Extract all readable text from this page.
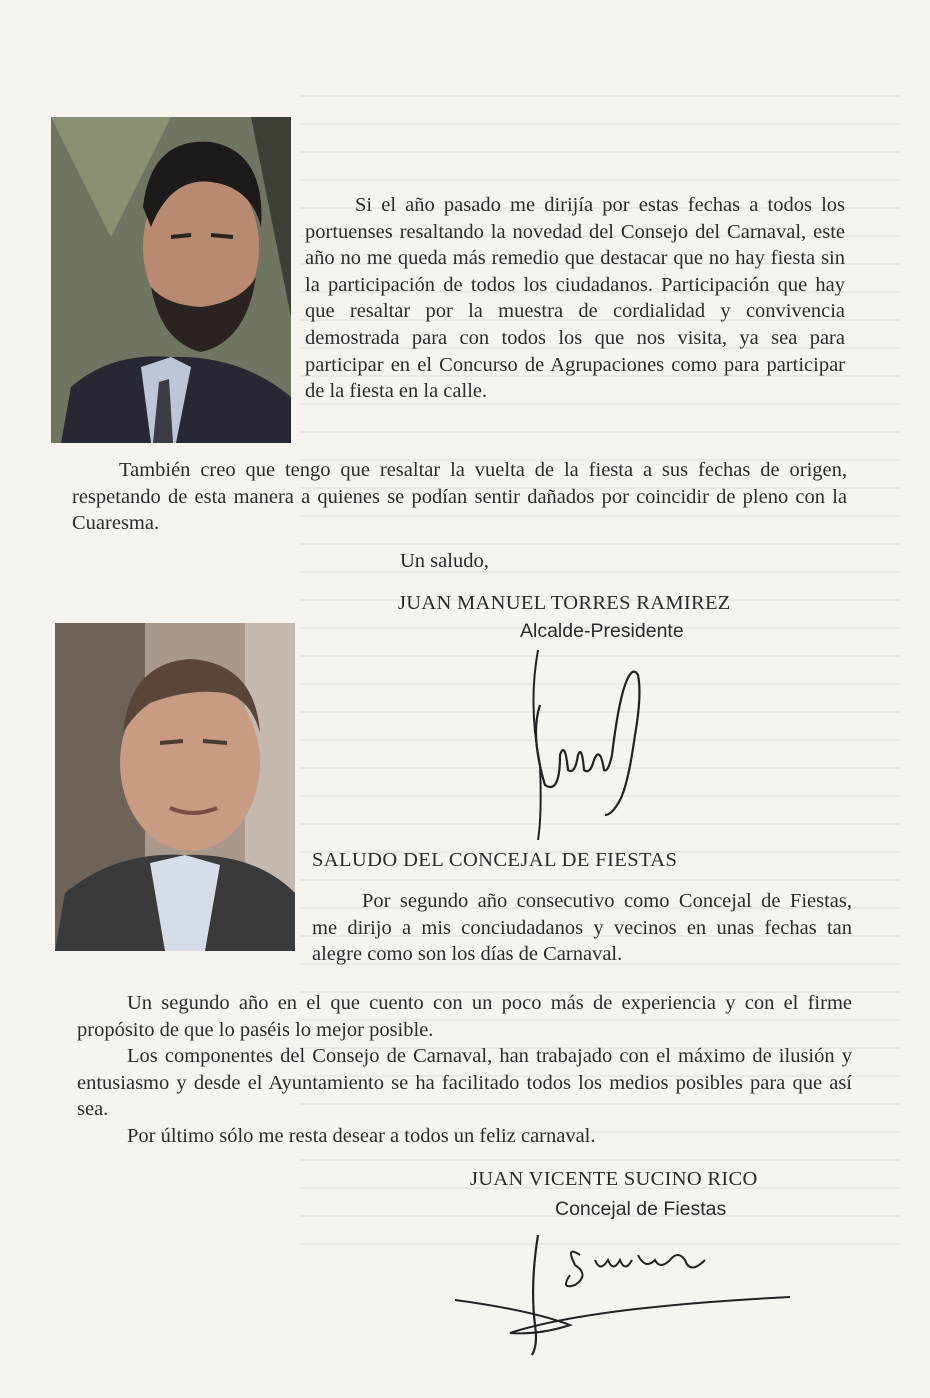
Si el año pasado me dirijía por estas fechas a todos los portuenses resaltando la novedad del Consejo del Carnaval, este año no me queda más remedio que destacar que no hay fiesta sin la participación de todos los ciudadanos. Participación que hay que resaltar por la muestra de cordialidad y convivencia demostrada para con todos los que nos visita, ya sea para participar en el Concurso de Agrupaciones como para participar de la fiesta en la calle.

También creo que tengo que resaltar la vuelta de la fiesta a sus fechas de origen, respetando de esta manera a quienes se podían sentir dañados por coincidir de pleno con la Cuaresma.

Un saludo,
JUAN MANUEL TORRES RAMIREZ
Alcalde-Presidente
SALUDO DEL CONCEJAL DE FIESTAS

Por segundo año consecutivo como Concejal de Fiestas, me dirijo a mis conciudadanos y vecinos en unas fechas tan alegre como son los días de Carnaval.

Un segundo año en el que cuento con un poco más de experiencia y con el firme propósito de que lo paséis lo mejor posible.
Los componentes del Consejo de Carnaval, han trabajado con el máximo de ilusión y entusiasmo y desde el Ayuntamiento se ha facilitado todos los medios posibles para que así sea.
Por último sólo me resta desear a todos un feliz carnaval.
JUAN VICENTE SUCINO RICO
Concejal de Fiestas
